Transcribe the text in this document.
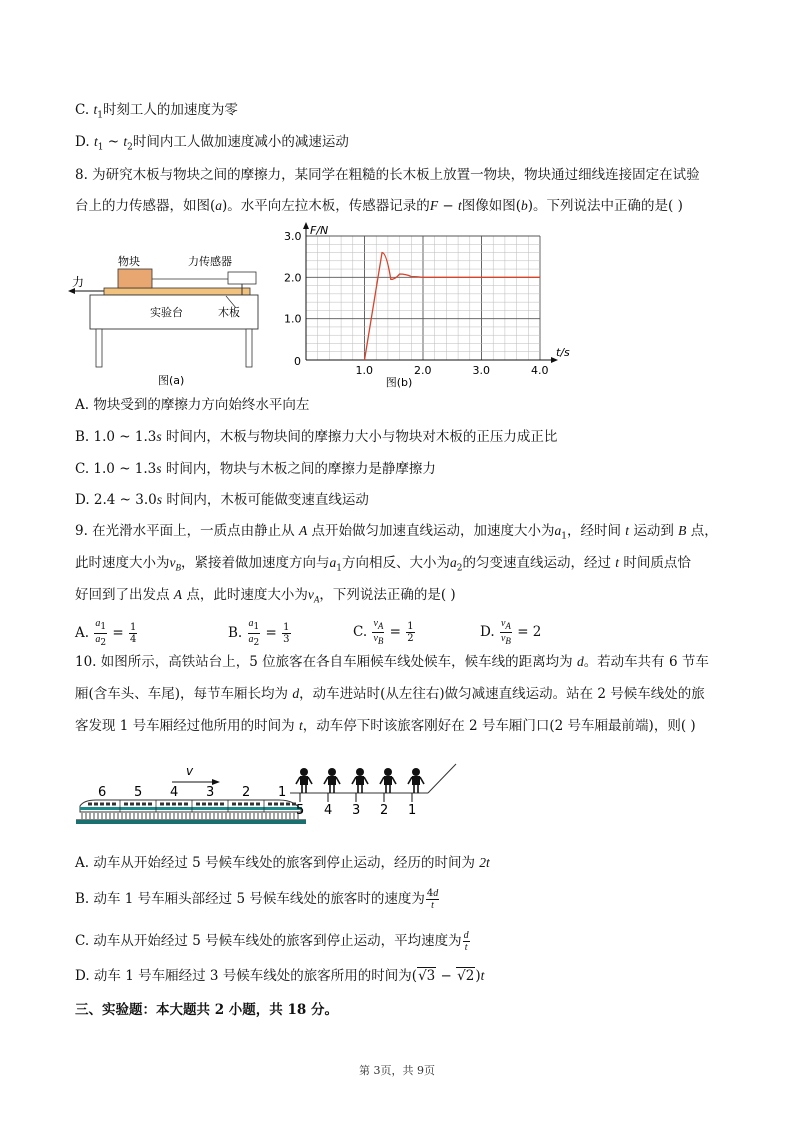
C. $t_1$时刻工人的加速度为零
D. $t_1$ ~ $t_2$时间内工人做加速度减小的减速运动
8. 为研究木板与物块之间的摩擦力，某同学在粗糙的长木板上放置一物块，物块通过细线连接固定在试验
台上的力传感器，如图(a)。水平向左拉木板，传感器记录的F − t图像如图(b)。下列说法中正确的是( )
力
物块	力传感器
实验台	木板
图(a)
1.0
2.0
3.0
1.0	2.0	3.0	4.0
F/N
t/s
0
图(b)
A. 物块受到的摩擦力方向始终水平向左
B. 1.0 ~ 1.3s 时间内，木板与物块间的摩擦力大小与物块对木板的正压力成正比
C. 1.0 ~ 1.3s 时间内，物块与木板之间的摩擦力是静摩擦力
D. 2.4 ~ 3.0s 时间内，木板可能做变速直线运动
9. 在光滑水平面上，一质点由静止从 A 点开始做匀加速直线运动，加速度大小为$a_1$，经时间 t 运动到 B 点，
此时速度大小为$v_B$，紧接着做加速度方向与$a_1$方向相反、大小为$a_2$的匀变速直线运动，经过 t 时间质点恰
好回到了出发点 A 点，此时速度大小为$v_A$，下列说法正确的是( )
A. $\frac{a_1}{a_2} = \frac{1}{4}$	B. $\frac{a_1}{a_2} = \frac{1}{3}$	C. $\frac{v_A}{v_B} = \frac{1}{2}$	D. $\frac{v_A}{v_B} = 2$
10. 如图所示，高铁站台上，5 位旅客在各自车厢候车线处候车，候车线的距离均为 d。若动车共有 6 节车
厢(含车头、车尾)，每节车厢长均为 d，动车进站时(从左往右)做匀减速直线运动。站在 2 号候车线处的旅
客发现 1 号车厢经过他所用的时间为 t，动车停下时该旅客刚好在 2 号车厢门口(2 号车厢最前端)，则( )
v
6 5 4 3 2 1
5 4 3 2 1
A. 动车从开始经过 5 号候车线处的旅客到停止运动，经历的时间为 2t
B. 动车 1 号车厢头部经过 5 号候车线处的旅客时的速度为 $\frac{4d}{t}$
C. 动车从开始经过 5 号候车线处的旅客到停止运动，平均速度为 $\frac{d}{t}$
D. 动车 1 号车厢经过 3 号候车线处的旅客所用的时间为(√3 − √2)t
三、实验题：本大题共 2 小题，共 18 分。
第 3页，共 9页
